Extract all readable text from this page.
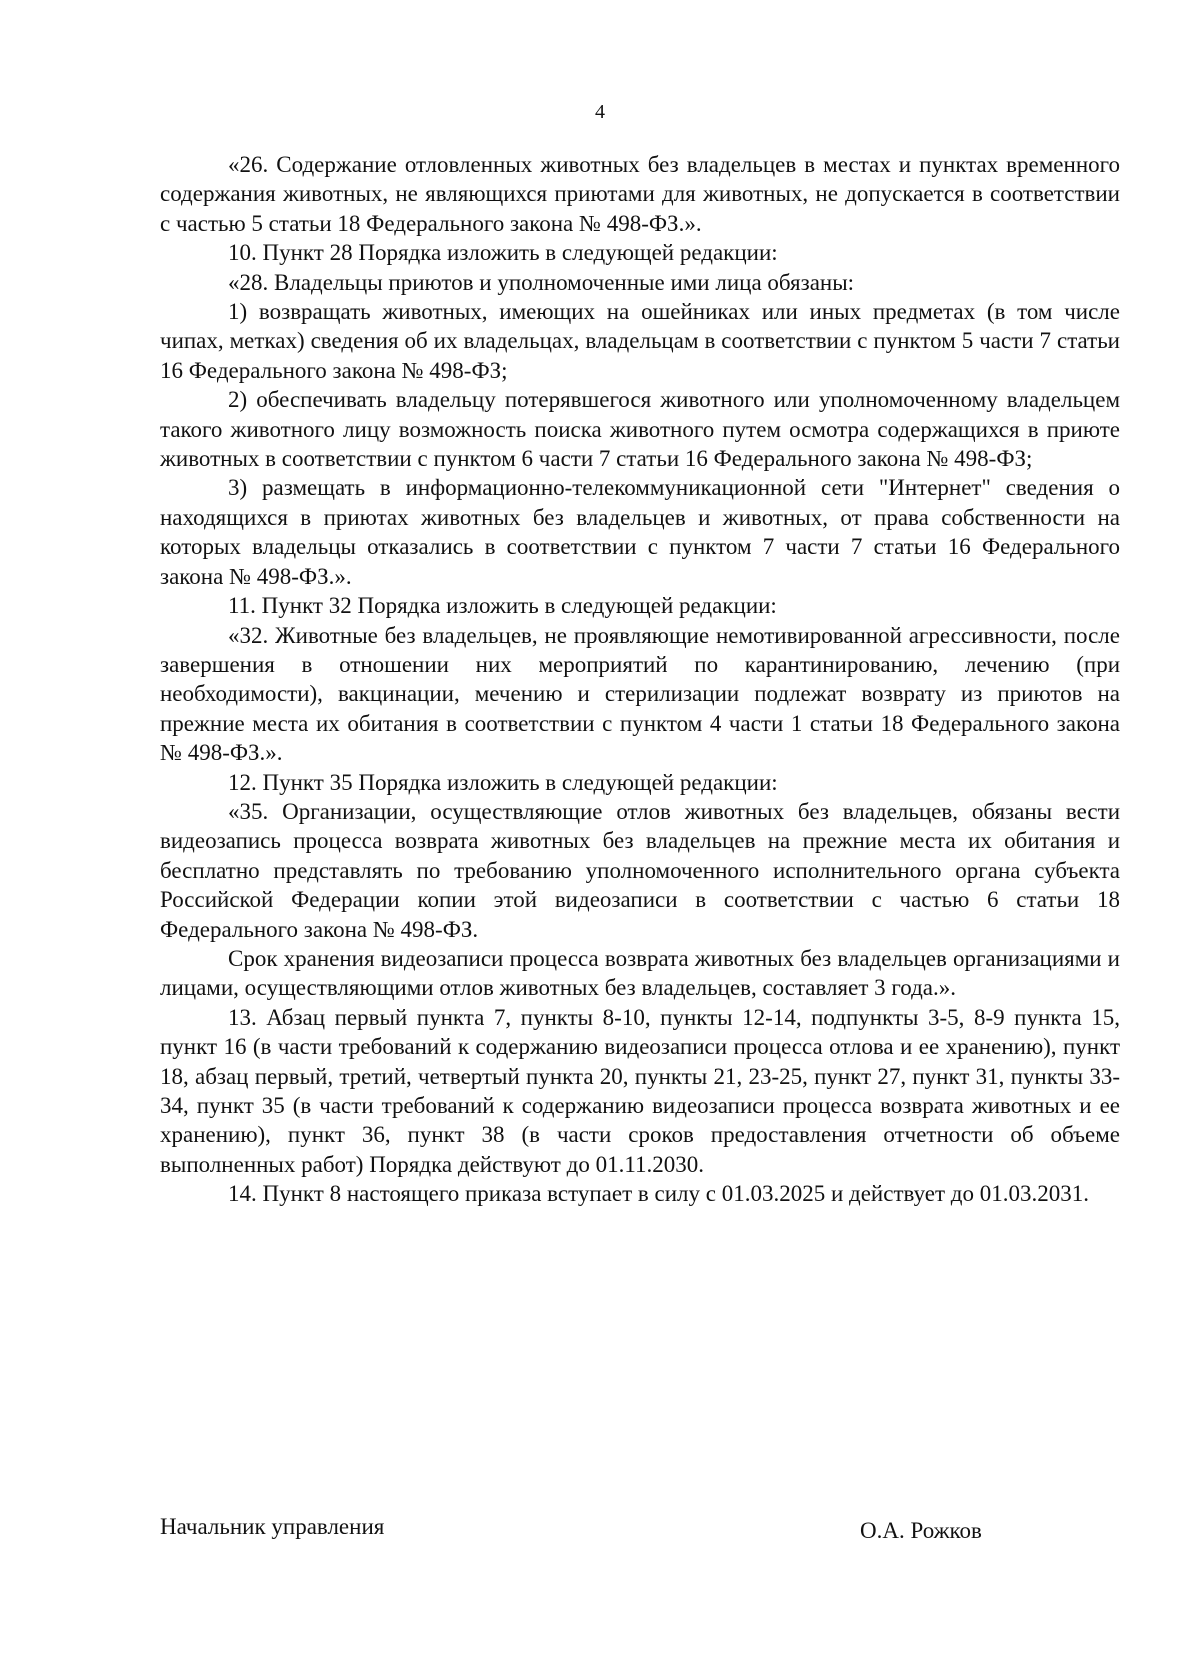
4

«26. Содержание отловленных животных без владельцев в местах и пунктах временного содержания животных, не являющихся приютами для животных, не допускается в соответствии с частью 5 статьи 18 Федерального закона № 498-ФЗ.».

10. Пункт 28 Порядка изложить в следующей редакции:

«28. Владельцы приютов и уполномоченные ими лица обязаны:

1) возвращать животных, имеющих на ошейниках или иных предметах (в том числе чипах, метках) сведения об их владельцах, владельцам в соответствии с пунктом 5 части 7 статьи 16 Федерального закона № 498-ФЗ;

2) обеспечивать владельцу потерявшегося животного или уполномоченному владельцем такого животного лицу возможность поиска животного путем осмотра содержащихся в приюте животных в соответствии с пунктом 6 части 7 статьи 16 Федерального закона № 498-ФЗ;

3) размещать в информационно-телекоммуникационной сети "Интернет" сведения о находящихся в приютах животных без владельцев и животных, от права собственности на которых владельцы отказались в соответствии с пунктом 7 части 7 статьи 16 Федерального закона № 498-ФЗ.».

11. Пункт 32 Порядка изложить в следующей редакции:

«32. Животные без владельцев, не проявляющие немотивированной агрессивности, после завершения в отношении них мероприятий по карантинированию, лечению (при необходимости), вакцинации, мечению и стерилизации подлежат возврату из приютов на прежние места их обитания в соответствии с пунктом 4 части 1 статьи 18 Федерального закона № 498-ФЗ.».

12. Пункт 35 Порядка изложить в следующей редакции:

«35. Организации, осуществляющие отлов животных без владельцев, обязаны вести видеозапись процесса возврата животных без владельцев на прежние места их обитания и бесплатно представлять по требованию уполномоченного исполнительного органа субъекта Российской Федерации копии этой видеозаписи в соответствии с частью 6 статьи 18 Федерального закона № 498-ФЗ.

Срок хранения видеозаписи процесса возврата животных без владельцев организациями и лицами, осуществляющими отлов животных без владельцев, составляет 3 года.».

13. Абзац первый пункта 7, пункты 8-10, пункты 12-14, подпункты 3-5, 8-9 пункта 15, пункт 16 (в части требований к содержанию видеозаписи процесса отлова и ее хранению), пункт 18, абзац первый, третий, четвертый пункта 20, пункты 21, 23-25, пункт 27, пункт 31, пункты 33-34, пункт 35 (в части требований к содержанию видеозаписи процесса возврата животных и ее хранению), пункт 36, пункт 38 (в части сроков предоставления отчетности об объеме выполненных работ) Порядка действуют до 01.11.2030.

14. Пункт 8 настоящего приказа вступает в силу с 01.03.2025 и действует до 01.03.2031.

Начальник управления	О.А. Рожков
